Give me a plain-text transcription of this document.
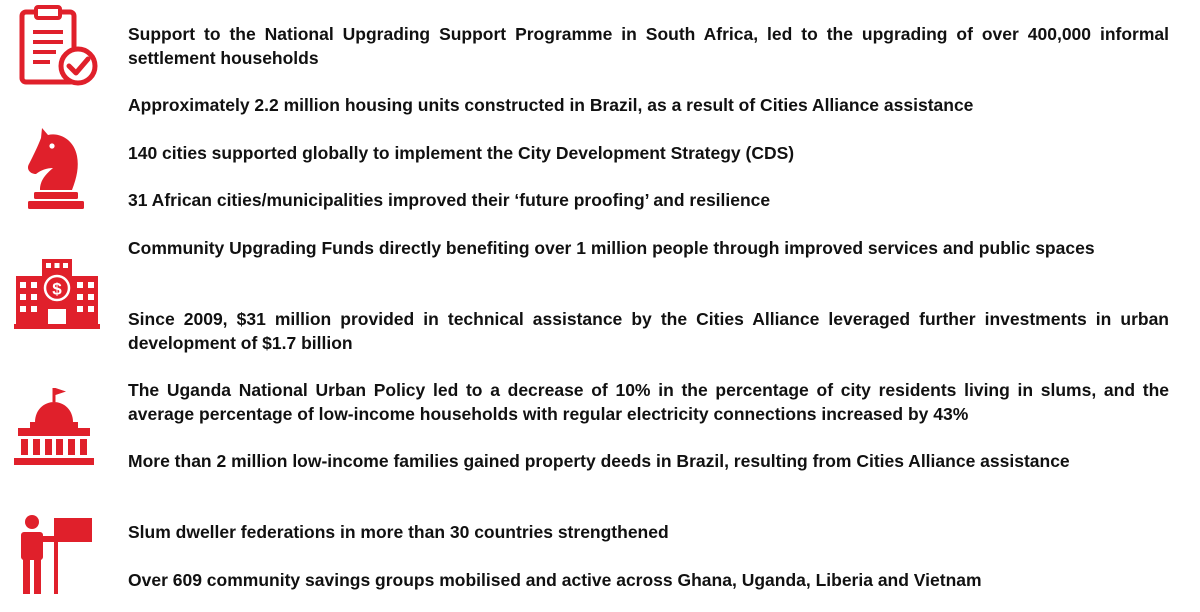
$

Support to the National Upgrading Support Programme in South Africa, led to the upgrading of over 400,000 informal settlement households

Approximately 2.2 million housing units constructed in Brazil, as a result of Cities Alliance assistance

140 cities supported globally to implement the City Development Strategy (CDS)

31 African cities/municipalities improved their ‘future proofing’ and resilience

Community Upgrading Funds directly benefiting over 1 million people through improved services and public spaces

Since 2009, $31 million provided in technical assistance by the Cities Alliance leveraged further investments in urban development of $1.7 billion

The Uganda National Urban Policy led to a decrease of 10% in the percentage of city residents living in slums, and the average percentage of low-income households with regular electricity connections increased by 43%

More than 2 million low-income families gained property deeds in Brazil, resulting from Cities Alliance assistance

Slum dweller federations in more than 30 countries strengthened

Over 609 community savings groups mobilised and active across Ghana, Uganda, Liberia and Vietnam
